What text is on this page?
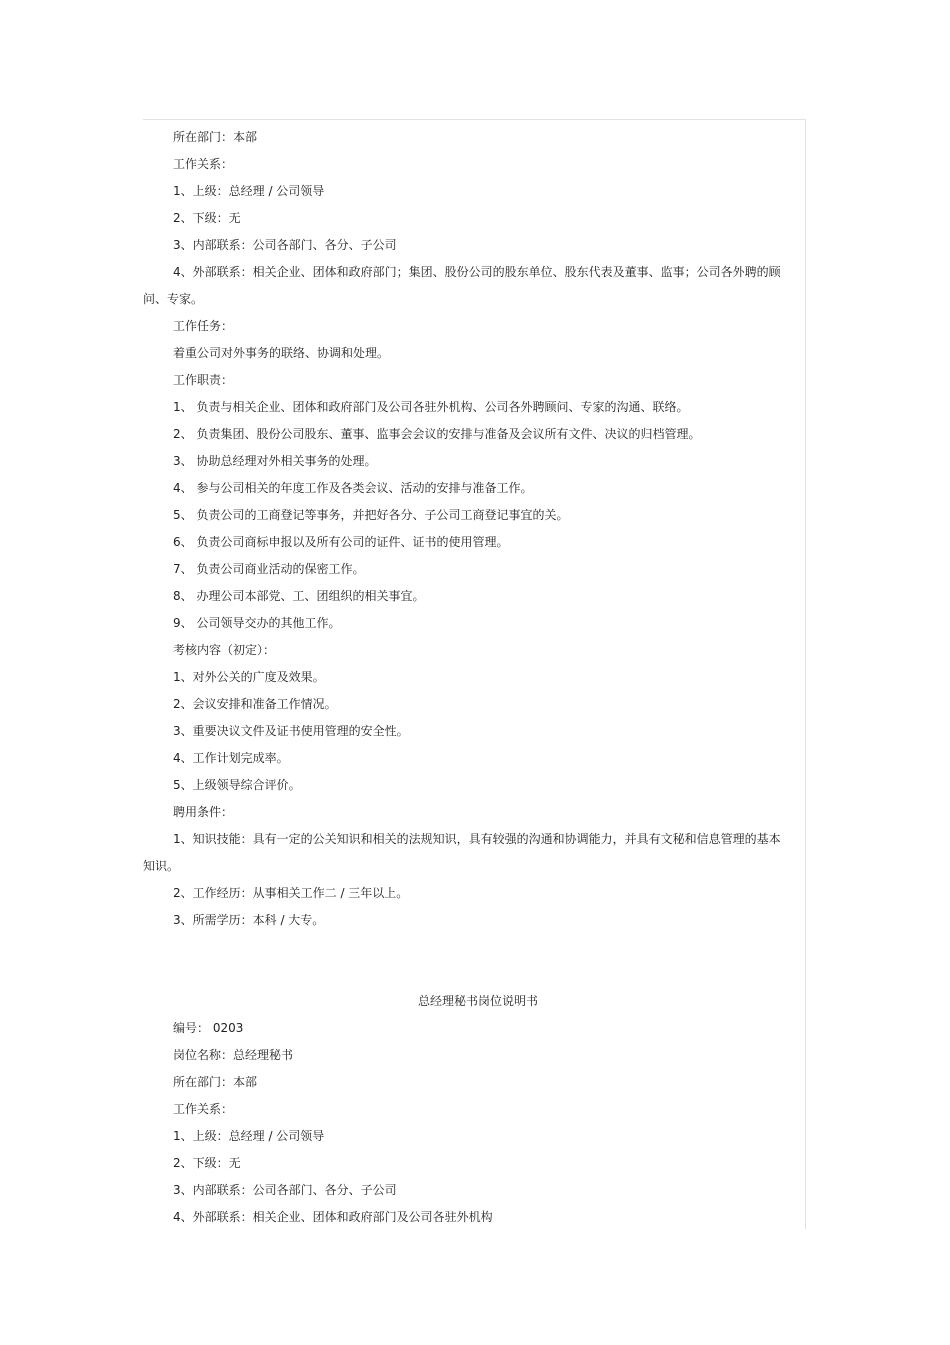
所在部门：本部
工作关系：
1、上级：总经理 / 公司领导
2、下级：无
3、内部联系：公司各部门、各分、子公司
4、外部联系：相关企业、团体和政府部门；集团、股份公司的股东单位、股东代表及董事、监事；公司各外聘的顾问、专家。
工作任务：
着重公司对外事务的联络、协调和处理。
工作职责：
1、 负责与相关企业、团体和政府部门及公司各驻外机构、公司各外聘顾问、专家的沟通、联络。
2、 负责集团、股份公司股东、董事、监事会会议的安排与准备及会议所有文件、决议的归档管理。
3、 协助总经理对外相关事务的处理。
4、 参与公司相关的年度工作及各类会议、活动的安排与准备工作。
5、 负责公司的工商登记等事务，并把好各分、子公司工商登记事宜的关。
6、 负责公司商标申报以及所有公司的证件、证书的使用管理。
7、 负责公司商业活动的保密工作。
8、 办理公司本部党、工、团组织的相关事宜。
9、 公司领导交办的其他工作。
考核内容（初定）：
1、对外公关的广度及效果。
2、会议安排和准备工作情况。
3、重要决议文件及证书使用管理的安全性。
4、工作计划完成率。
5、上级领导综合评价。
聘用条件：
1、知识技能：具有一定的公关知识和相关的法规知识，具有较强的沟通和协调能力，并具有文秘和信息管理的基本知识。
2、工作经历：从事相关工作二 / 三年以上。
3、所需学历：本科 / 大专。
总经理秘书岗位说明书
编号： 0203
岗位名称：总经理秘书
所在部门：本部
工作关系：
1、上级：总经理 / 公司领导
2、下级：无
3、内部联系：公司各部门、各分、子公司
4、外部联系：相关企业、团体和政府部门及公司各驻外机构
